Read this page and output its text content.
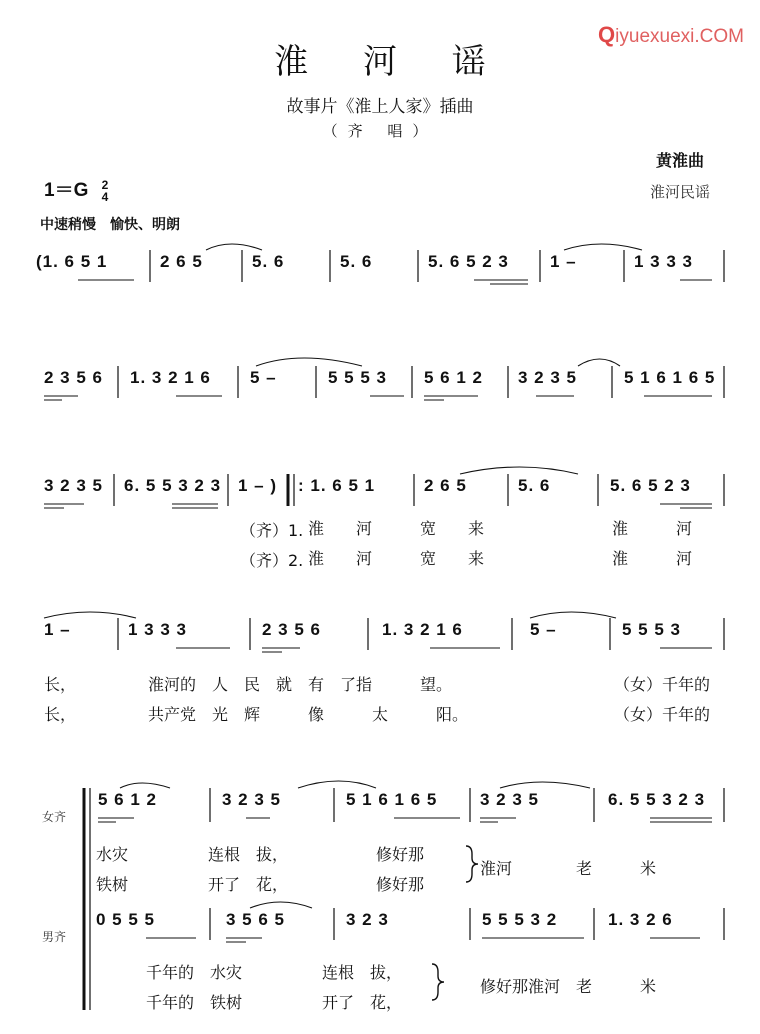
Qiyuexuexi.COM
淮 河 谣
故事片《淮上人家》插曲
（齐 唱）
黄淮曲
淮河民谣
1＝G 2
4
中速稍慢　愉快、明朗
(1. 6 5 1	2 6 5	5. 6	5. 6	5. 6 5 2 3 1 –	1 3 3 3
2 3 5 6 1. 3 2 1 6 5 –	5 5 5 3 5 6 1 2 3 2 3 5	5 1 6 1 6 5
3 2 3 5 6. 5 5 3 2 3 1 – ) : 1. 6 5 1	2 6 5	5. 6	5. 6 5 2 3
1 –	1 3 3 3	2 3 5 6	1. 3 2 1 6	5 –	5 5 5 3
5 6 1 2	3 2 3 5	5 1 6 1 6 5	3 2 3 5	6. 5 5 3 2 3
0 5 5 5	3 5 6 5	3 2 3	5 5 5 3 2	1. 3 2 6
（齐）1.
（齐）2.
淮　　河　　　宽　　来　　　　　　　　淮　　　河
淮　　河　　　宽　　来　　　　　　　　淮　　　河
长，　　　　　淮河的　人　民　就　有　了指　　　望。
长，　　　　　共产党　光　辉　　　像　　　太　　　阳。
水灾　　　　　连根　拔，　　　　　　修好那
铁树　　　　　开了　花，　　　　　　修好那
千年的　水灾　　　　　连根　拔，
千年的　铁树　　　　　开了　花，
（女）千年的
（女）千年的
淮河　　　　老　　　米
修好那淮河　老　　　米
女齐
男齐
